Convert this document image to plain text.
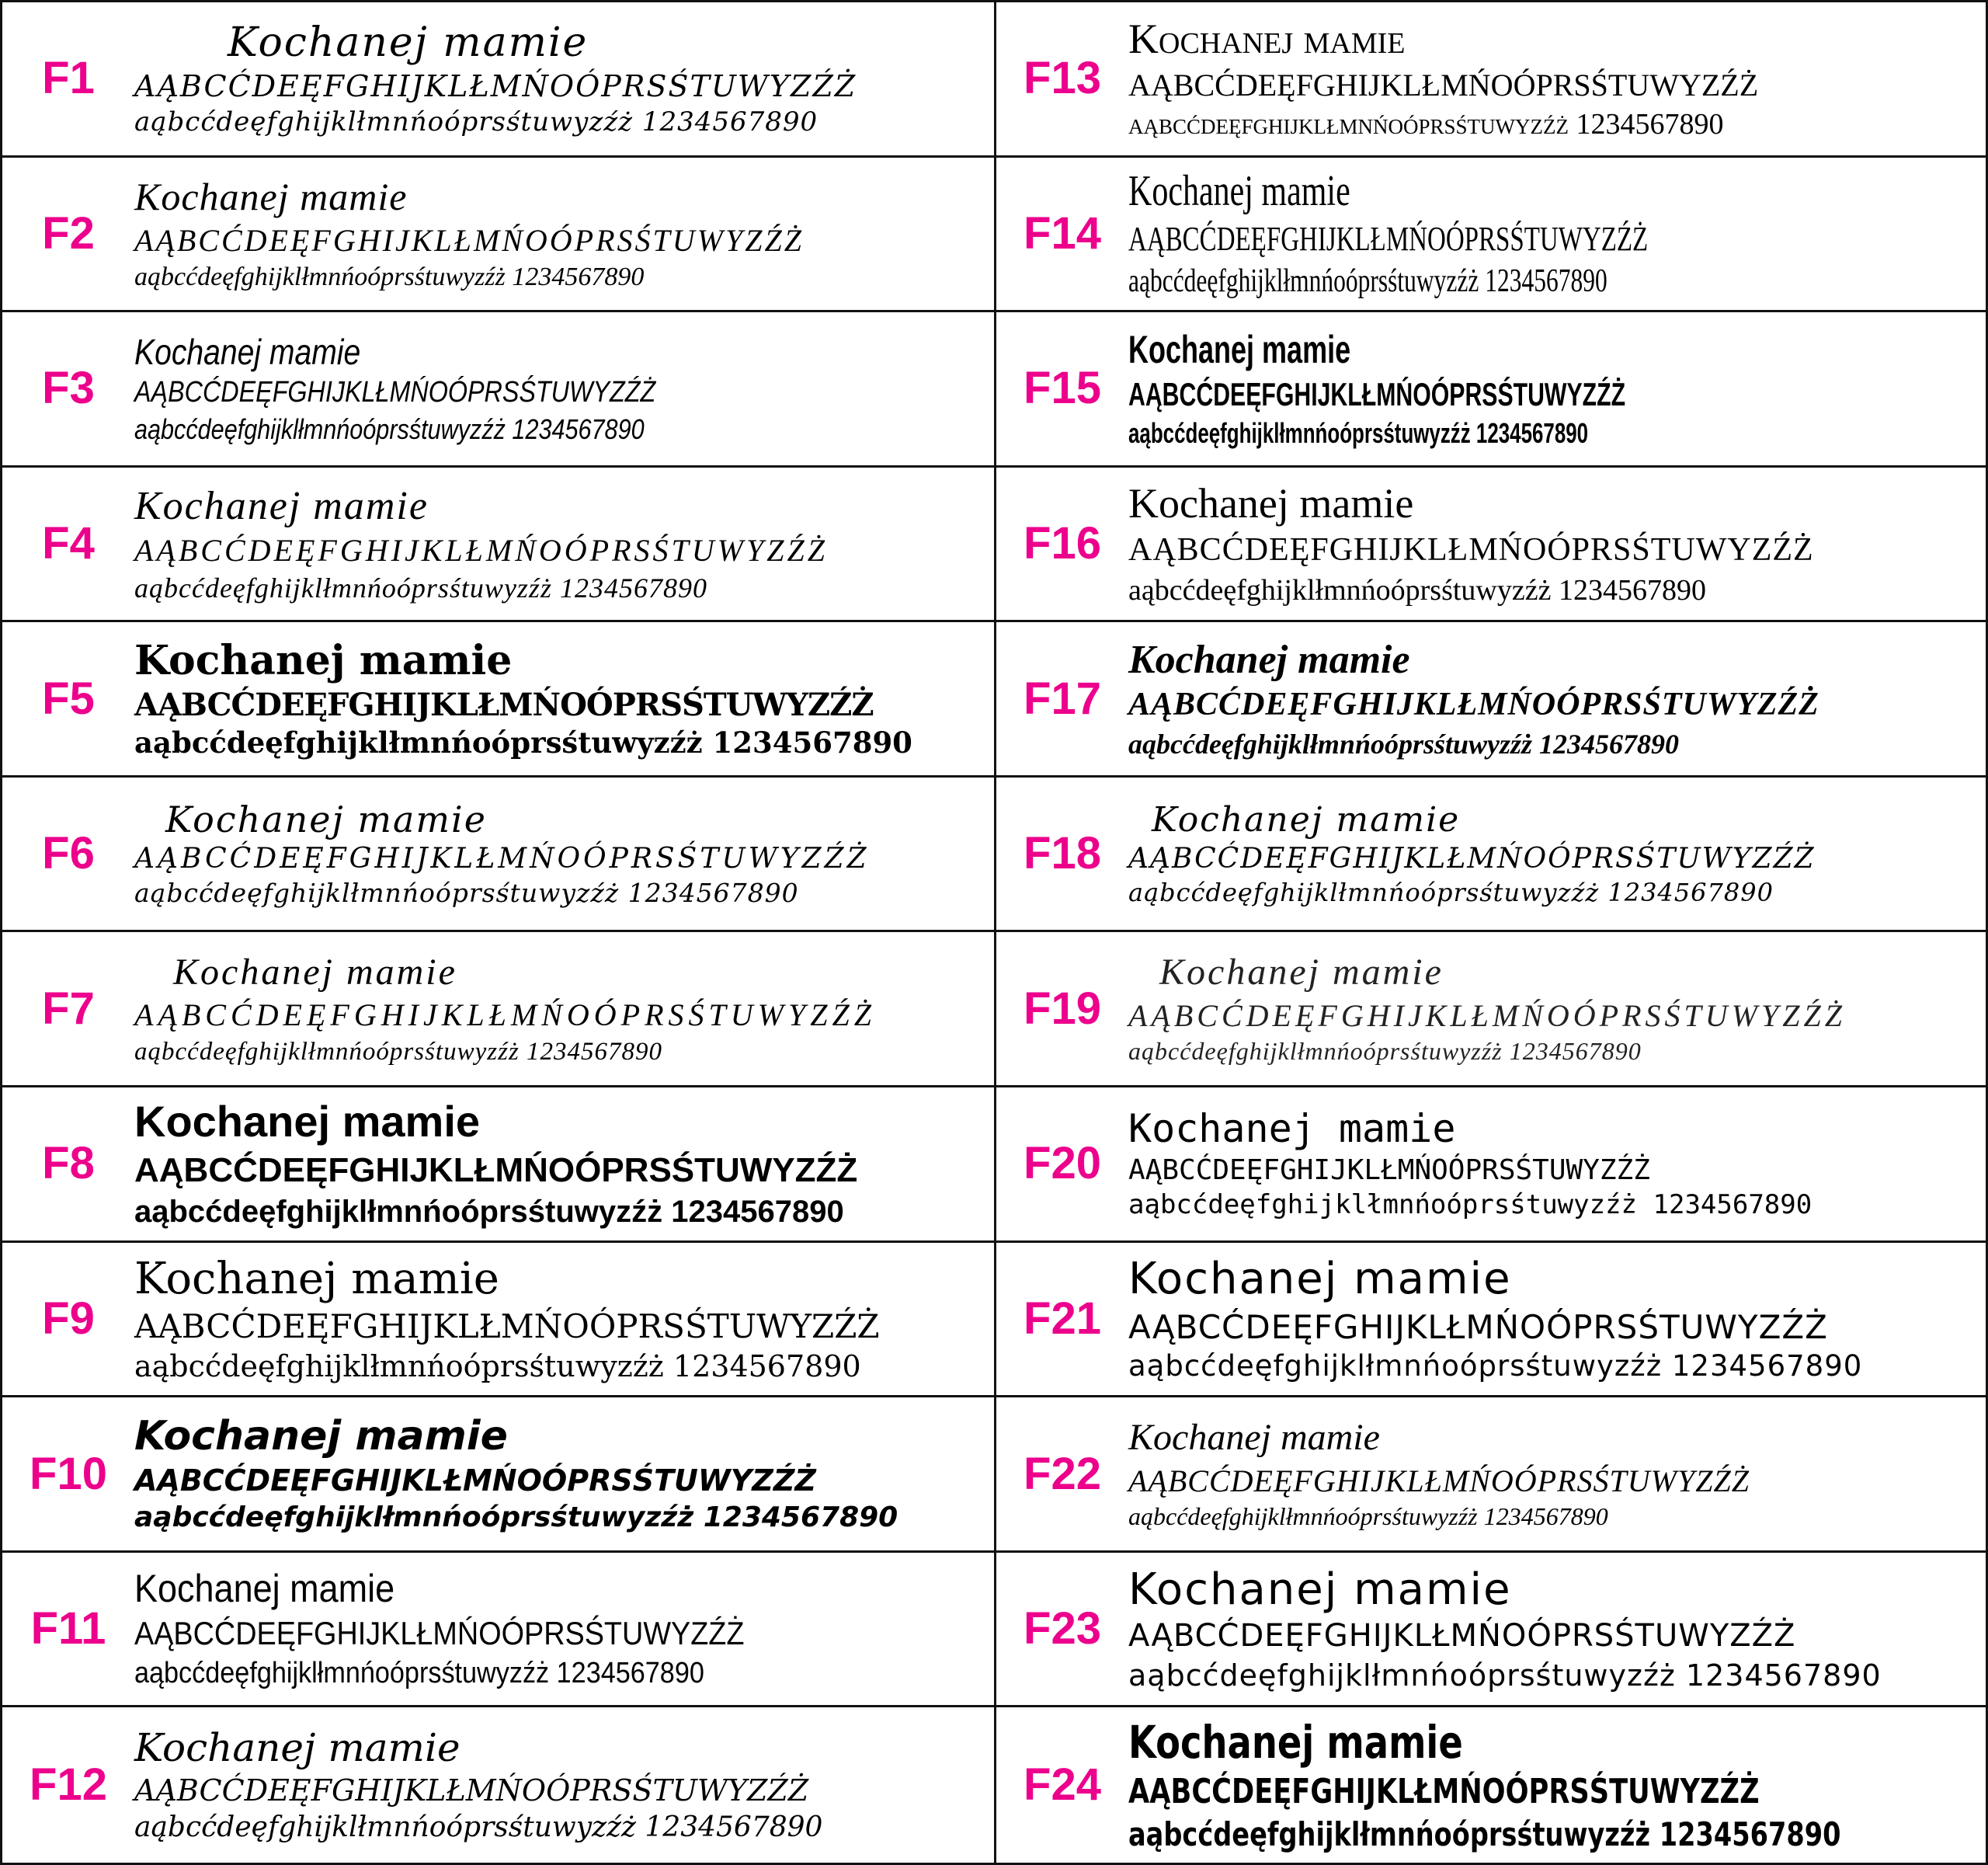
F1
Kochanej mamie
AĄBCĆDEĘFGHIJKLŁMŃOÓPRSŚTUWYZŹŻ
aąbcćdeęfghijklłmnńoóprsśtuwyzźż 1234567890
F2
Kochanej mamie
AĄBCĆDEĘFGHIJKLŁMŃOÓPRSŚTUWYZŹŻ
aąbcćdeęfghijklłmnńoóprsśtuwyzźż 1234567890
F3
Kochanej mamie
AĄBCĆDEĘFGHIJKLŁMŃOÓPRSŚTUWYZŹŻ
aąbcćdeęfghijklłmnńoóprsśtuwyzźż 1234567890
F4
Kochanej mamie
AĄBCĆDEĘFGHIJKLŁMŃOÓPRSŚTUWYZŹŻ
aąbcćdeęfghijklłmnńoóprsśtuwyzźż 1234567890
F5
Kochanej mamie
AĄBCĆDEĘFGHIJKLŁMŃOÓPRSŚTUWYZŹŻ
aąbcćdeęfghijklłmnńoóprsśtuwyzźż 1234567890
F6
Kochanej mamie
AĄBCĆDEĘFGHIJKLŁMŃOÓPRSŚTUWYZŹŻ
aąbcćdeęfghijklłmnńoóprsśtuwyzźż 1234567890
F7
Kochanej mamie
AĄBCĆDEĘFGHIJKLŁMŃOÓPRSŚTUWYZŹŻ
aąbcćdeęfghijklłmnńoóprsśtuwyzźż 1234567890
F8
Kochanej mamie
AĄBCĆDEĘFGHIJKLŁMŃOÓPRSŚTUWYZŹŻ
aąbcćdeęfghijklłmnńoóprsśtuwyzźż 1234567890
F9
Kochanej mamie
AĄBCĆDEĘFGHIJKLŁMŃOÓPRSŚTUWYZŹŻ
aąbcćdeęfghijklłmnńoóprsśtuwyzźż 1234567890
F10
Kochanej mamie
AĄBCĆDEĘFGHIJKLŁMŃOÓPRSŚTUWYZŹŻ
aąbcćdeęfghijklłmnńoóprsśtuwyzźż 1234567890
F11
Kochanej mamie
AĄBCĆDEĘFGHIJKLŁMŃOÓPRSŚTUWYZŹŻ
aąbcćdeęfghijklłmnńoóprsśtuwyzźż 1234567890
F12
Kochanej mamie
AĄBCĆDEĘFGHIJKLŁMŃOÓPRSŚTUWYZŹŻ
aąbcćdeęfghijklłmnńoóprsśtuwyzźż 1234567890
F13
Kochanej mamie
AĄBCĆDEĘFGHIJKLŁMŃOÓPRSŚTUWYZŹŻ
aąbcćdeęfghijklłmnńoóprsśtuwyzźż 1234567890
F14
Kochanej mamie
AĄBCĆDEĘFGHIJKLŁMŃOÓPRSŚTUWYZŹŻ
aąbcćdeęfghijklłmnńoóprsśtuwyzźż 1234567890
F15
Kochanej mamie
AĄBCĆDEĘFGHIJKLŁMŃOÓPRSŚTUWYZŹŻ
aąbcćdeęfghijklłmnńoóprsśtuwyzźż 1234567890
F16
Kochanej mamie
AĄBCĆDEĘFGHIJKLŁMŃOÓPRSŚTUWYZŹŻ
aąbcćdeęfghijklłmnńoóprsśtuwyzźż 1234567890
F17
Kochanej mamie
AĄBCĆDEĘFGHIJKLŁMŃOÓPRSŚTUWYZŹŻ
aąbcćdeęfghijklłmnńoóprsśtuwyzźż 1234567890
F18
Kochanej mamie
AĄBCĆDEĘFGHIJKLŁMŃOÓPRSŚTUWYZŹŻ
aąbcćdeęfghijklłmnńoóprsśtuwyzźż 1234567890
F19
Kochanej mamie
AĄBCĆDEĘFGHIJKLŁMŃOÓPRSŚTUWYZŹŻ
aąbcćdeęfghijklłmnńoóprsśtuwyzźż 1234567890
F20
Kochanej mamie
AĄBCĆDEĘFGHIJKLŁMŃOÓPRSŚTUWYZŹŻ
aąbcćdeęfghijklłmnńoóprsśtuwyzźż 1234567890
F21
Kochanej mamie
AĄBCĆDEĘFGHIJKLŁMŃOÓPRSŚTUWYZŹŻ
aąbcćdeęfghijklłmnńoóprsśtuwyzźż 1234567890
F22
Kochanej mamie
AĄBCĆDEĘFGHIJKLŁMŃOÓPRSŚTUWYZŹŻ
aąbcćdeęfghijklłmnńoóprsśtuwyzźż 1234567890
F23
Kochanej mamie
AĄBCĆDEĘFGHIJKLŁMŃOÓPRSŚTUWYZŹŻ
aąbcćdeęfghijklłmnńoóprsśtuwyzźż 1234567890
F24
Kochanej mamie
AĄBCĆDEĘFGHIJKLŁMŃOÓPRSŚTUWYZŹŻ
aąbcćdeęfghijklłmnńoóprsśtuwyzźż 1234567890
